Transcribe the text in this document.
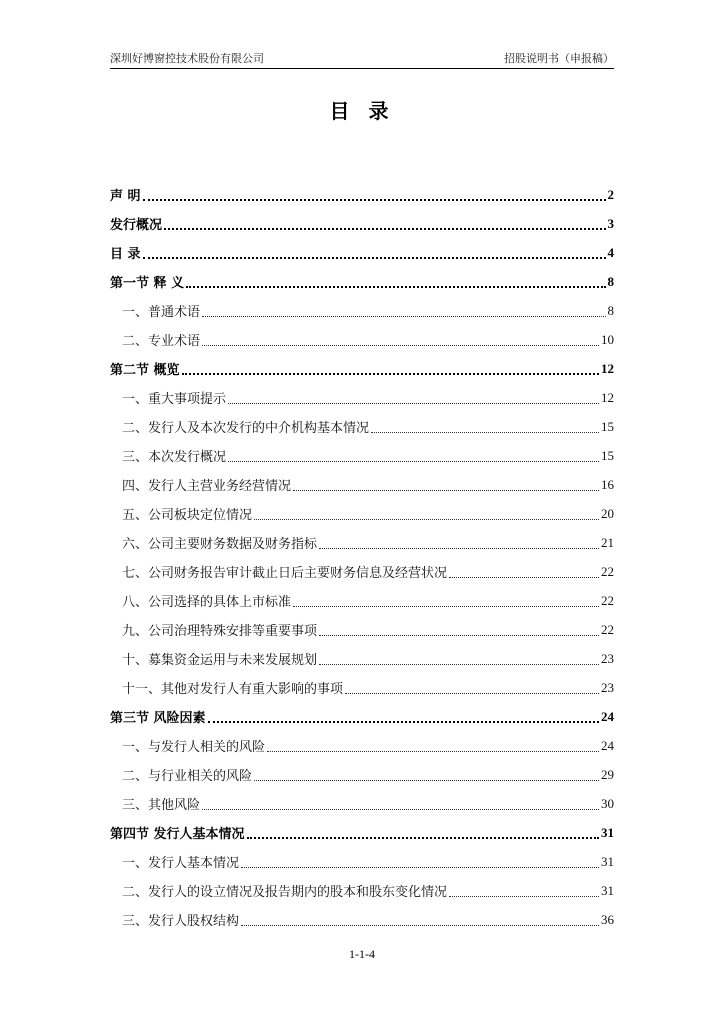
深圳好博窗控技术股份有限公司	招股说明书（申报稿）
目 录
声 明	2
发行概况	3
目 录	4
第一节 释 义	8
一、普通术语	8
二、专业术语	10
第二节 概览	12
一、重大事项提示	12
二、发行人及本次发行的中介机构基本情况	15
三、本次发行概况	15
四、发行人主营业务经营情况	16
五、公司板块定位情况	20
六、公司主要财务数据及财务指标	21
七、公司财务报告审计截止日后主要财务信息及经营状况	22
八、公司选择的具体上市标准	22
九、公司治理特殊安排等重要事项	22
十、募集资金运用与未来发展规划	23
十一、其他对发行人有重大影响的事项	23
第三节 风险因素	24
一、与发行人相关的风险	24
二、与行业相关的风险	29
三、其他风险	30
第四节 发行人基本情况	31
一、发行人基本情况	31
二、发行人的设立情况及报告期内的股本和股东变化情况	31
三、发行人股权结构	36
1-1-4
